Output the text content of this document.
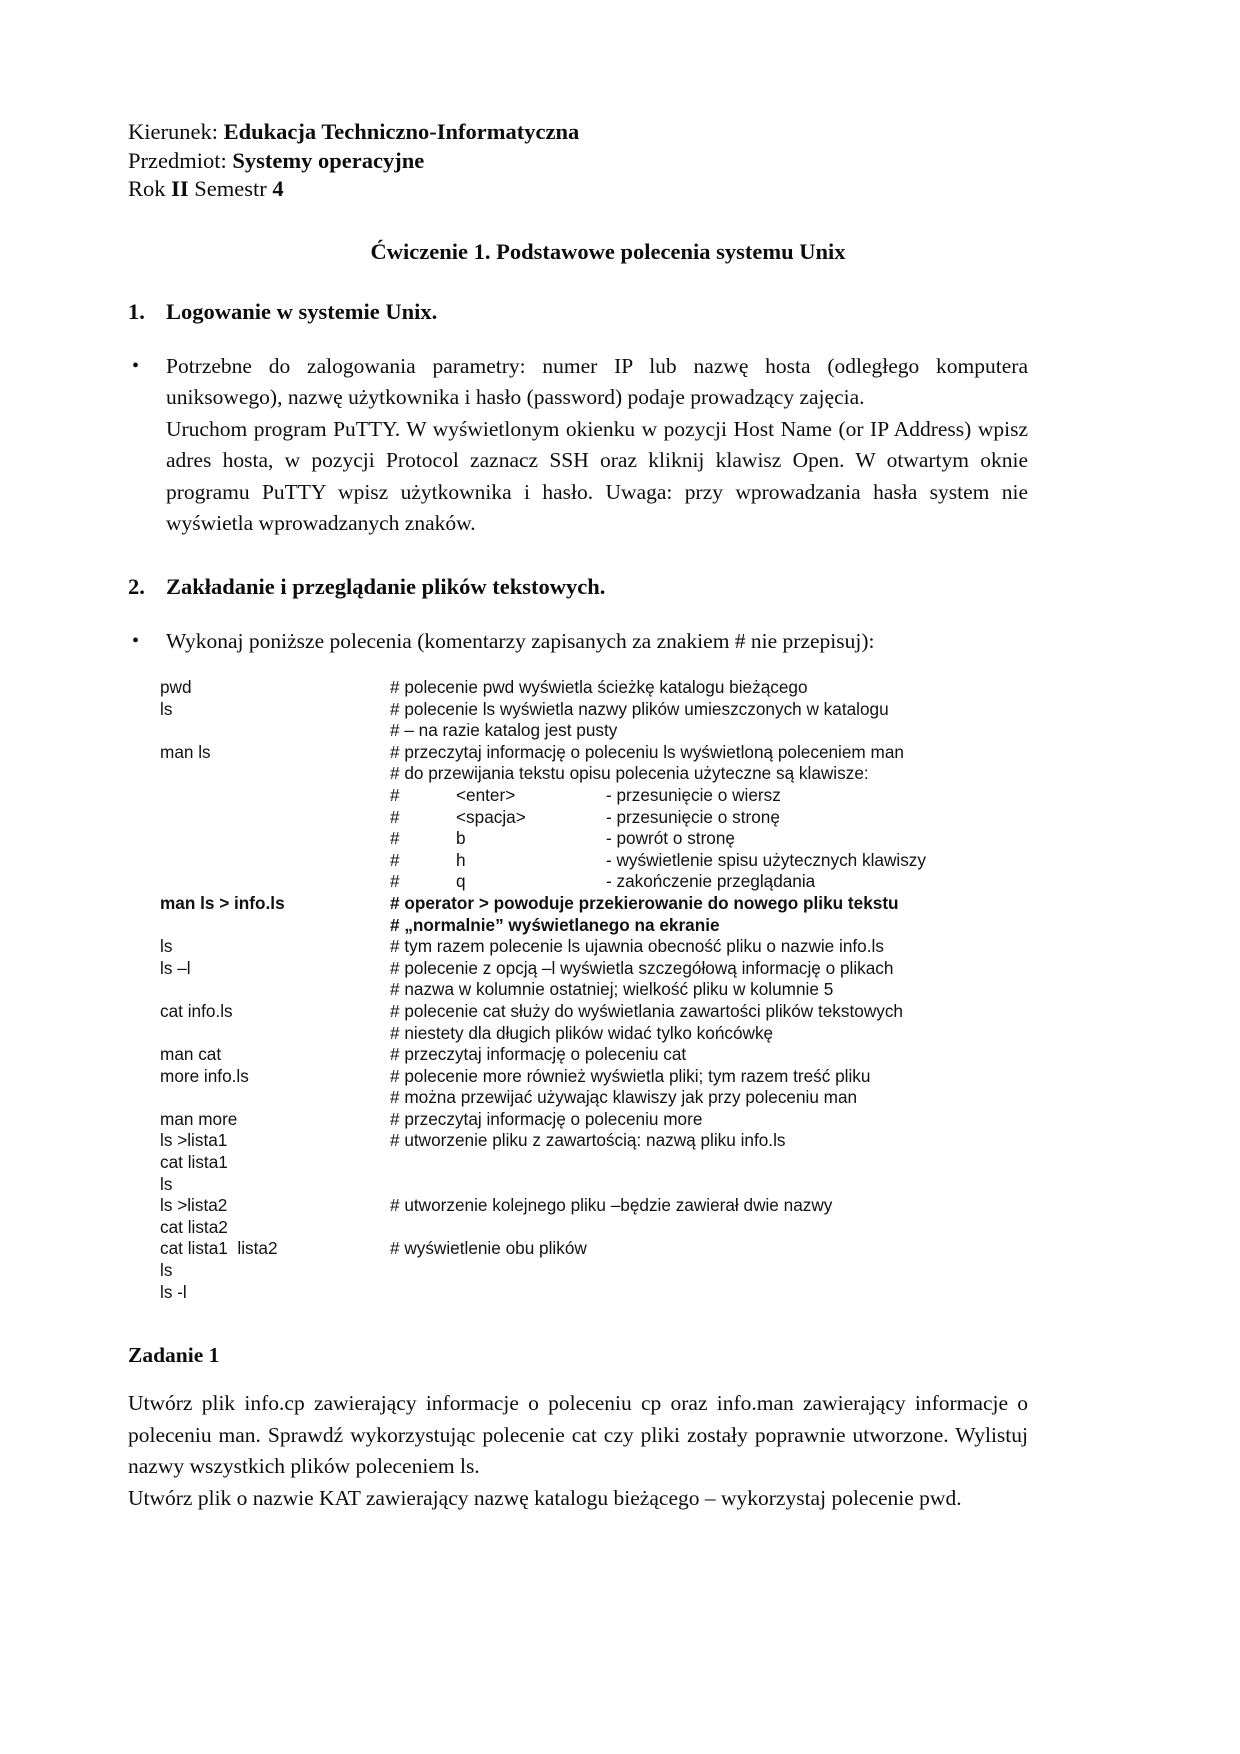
Kierunek: Edukacja Techniczno-Informatyczna
Przedmiot: Systemy operacyjne
Rok II Semestr 4
Ćwiczenie 1. Podstawowe polecenia systemu Unix
1. Logowanie w systemie Unix.
•	Potrzebne do zalogowania parametry: numer IP lub nazwę hosta (odległego komputera uniksowego), nazwę użytkownika i hasło (password) podaje prowadzący zajęcia.

Uruchom program PuTTY. W wyświetlonym okienku w pozycji Host Name (or IP Address) wpisz adres hosta, w pozycji Protocol zaznacz SSH oraz kliknij klawisz Open. W otwartym oknie programu PuTTY wpisz użytkownika i hasło. Uwaga: przy wprowadzania hasła system nie wyświetla wprowadzanych znaków.

2. Zakładanie i przeglądanie plików tekstowych.
•	Wykonaj poniższe polecenia (komentarzy zapisanych za znakiem # nie przepisuj):

pwd	# polecenie pwd wyświetla ścieżkę katalogu bieżącego
ls	# polecenie ls wyświetla nazwy plików umieszczonych w katalogu

# – na razie katalog jest pusty
man ls	# przeczytaj informację o poleceniu ls wyświetloną poleceniem man

# do przewijania tekstu opisu polecenia użyteczne są klawisze:

#	<enter>	- przesunięcie o wiersz

#	<spacja>	- przesunięcie o stronę

#	b	- powrót o stronę

#	h	- wyświetlenie spisu użytecznych klawiszy

#	q	- zakończenie przeglądania
man ls > info.ls	# operator > powoduje przekierowanie do nowego pliku tekstu

# „normalnie” wyświetlanego na ekranie
ls	# tym razem polecenie ls ujawnia obecność pliku o nazwie info.ls
ls –l	# polecenie z opcją –l wyświetla szczegółową informację o plikach

# nazwa w kolumnie ostatniej; wielkość pliku w kolumnie 5
cat info.ls	# polecenie cat służy do wyświetlania zawartości plików tekstowych

# niestety dla długich plików widać tylko końcówkę
man cat	# przeczytaj informację o poleceniu cat
more info.ls	# polecenie more również wyświetla pliki; tym razem treść pliku

# można przewijać używając klawiszy jak przy poleceniu man
man more	# przeczytaj informację o poleceniu more
ls >lista1	# utworzenie pliku z zawartością: nazwą pliku info.ls
cat lista1

ls

ls >lista2	# utworzenie kolejnego pliku –będzie zawierał dwie nazwy
cat lista2

cat lista1  lista2	# wyświetlenie obu plików
ls

ls -l

Zadanie 1

Utwórz plik info.cp zawierający informacje o poleceniu cp oraz info.man zawierający informacje o poleceniu man. Sprawdź wykorzystując polecenie cat czy pliki zostały poprawnie utworzone. Wylistuj nazwy wszystkich plików poleceniem ls.

Utwórz plik o nazwie KAT zawierający nazwę katalogu bieżącego – wykorzystaj polecenie pwd.
